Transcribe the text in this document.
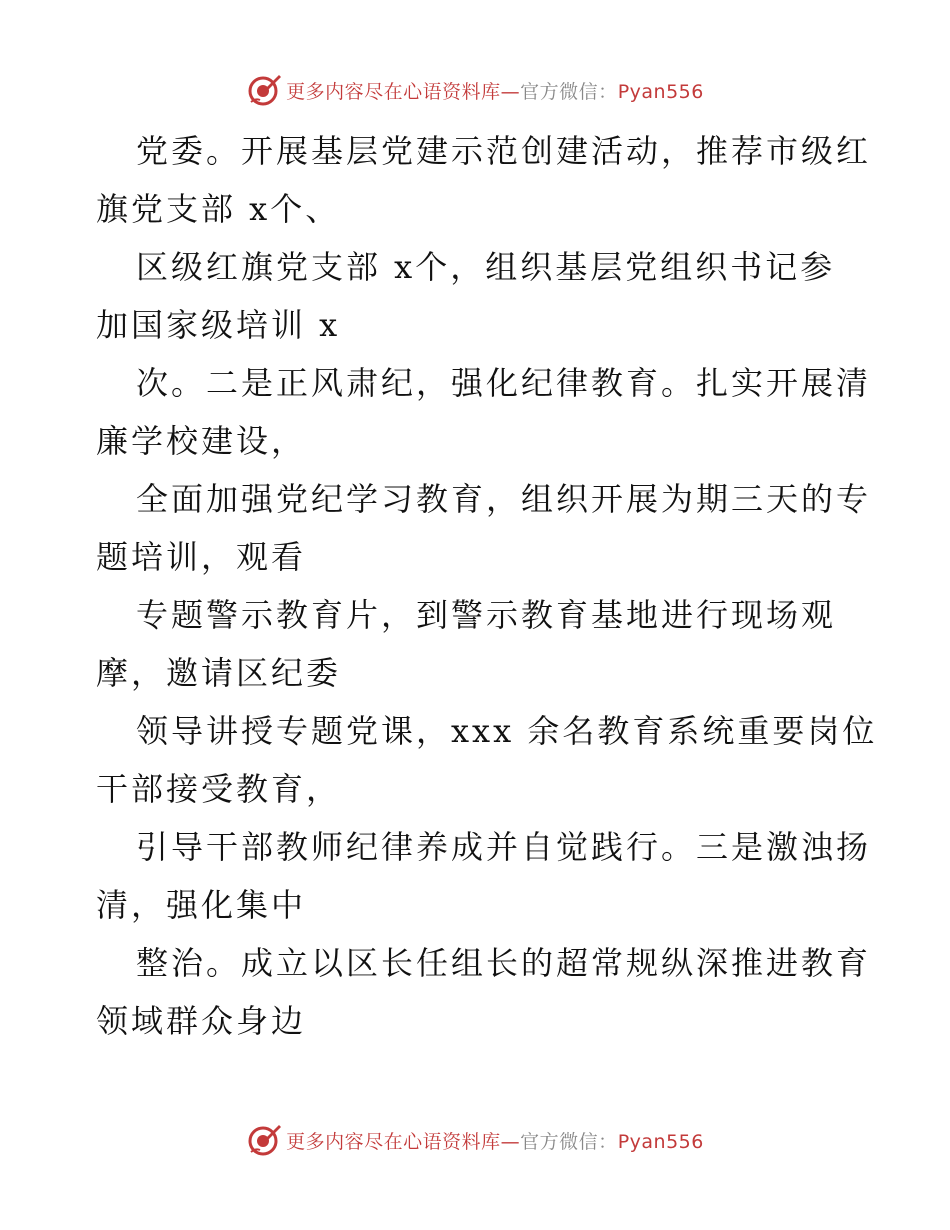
更多内容尽在心语资料库—官方微信：Pyan556
党委。开展基层党建示范创建活动，推荐市级红
旗党支部 x个、
区级红旗党支部 x个，组织基层党组织书记参
加国家级培训 x
次。二是正风肃纪，强化纪律教育。扎实开展清
廉学校建设，
全面加强党纪学习教育，组织开展为期三天的专
题培训，观看
专题警示教育片，到警示教育基地进行现场观
摩，邀请区纪委
领导讲授专题党课，xxx 余名教育系统重要岗位
干部接受教育，
引导干部教师纪律养成并自觉践行。三是激浊扬
清，强化集中
整治。成立以区长任组长的超常规纵深推进教育
领域群众身边
更多内容尽在心语资料库—官方微信：Pyan556
